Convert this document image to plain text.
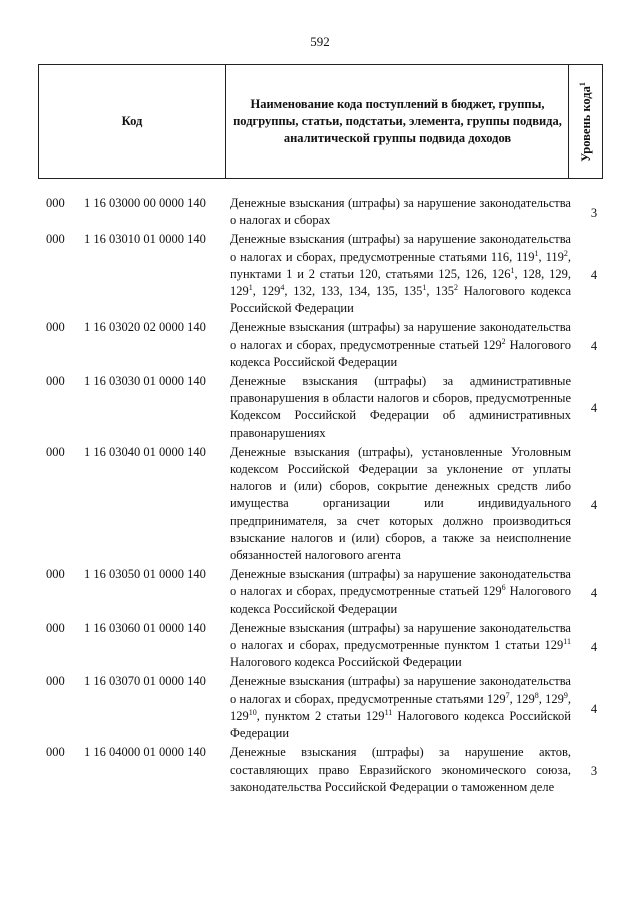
592
Код
Наименование кода поступлений в бюджет, группы, подгруппы, статьи, подстатьи, элемента, группы подвида, аналитической группы подвида доходов	Уровень кода$^1$
000 1 16 03000 00 0000 140 Денежные взыскания (штрафы) за нарушение законодательства о налогах и сборах	3
000 1 16 03010 01 0000 140 Денежные взыскания (штрафы) за нарушение законодательства о налогах и сборах, предусмотренные статьями 116, $119^1$, $119^2$, пунктами 1 и 2 статьи 120, статьями 125, 126, $126^1$, 128, 129, $129^1$, $129^4$, 132, 133, 134, 135, $135^1$, $135^2$ Налогового кодекса Российской Федерации
4
000 1 16 03020 02 0000 140 Денежные взыскания (штрафы) за нарушение законодательства о налогах и сборах, предусмотренные статьей $129^2$ Налогового кодекса Российской Федерации
4
000 1 16 03030 01 0000 140 Денежные взыскания (штрафы) за административные правонарушения в области налогов и сборов, предусмотренные Кодексом Российской Федерации об административных правонарушениях
4
000 1 16 03040 01 0000 140 Денежные взыскания (штрафы), установленные Уголовным кодексом Российской Федерации за уклонение от уплаты налогов и (или) сборов, сокрытие денежных средств либо имущества организации или индивидуального предпринимателя, за счет которых должно производиться взыскание налогов и (или) сборов, а также за неисполнение обязанностей налогового агента
4
000 1 16 03050 01 0000 140 Денежные взыскания (штрафы) за нарушение законодательства о налогах и сборах, предусмотренные статьей $129^6$ Налогового кодекса Российской Федерации
4
000 1 16 03060 01 0000 140 Денежные взыскания (штрафы) за нарушение законодательства о налогах и сборах, предусмотренные пунктом 1 статьи $129^{11}$ Налогового кодекса Российской Федерации
4
000 1 16 03070 01 0000 140 Денежные взыскания (штрафы) за нарушение законодательства о налогах и сборах, предусмотренные статьями $129^7$, $129^8$, $129^9$, $129^{10}$, пунктом 2 статьи $129^{11}$ Налогового кодекса Российской Федерации
4
000 1 16 04000 01 0000 140 Денежные взыскания (штрафы) за нарушение актов, составляющих право Евразийского экономического союза, законодательства Российской Федерации о таможенном деле
3
